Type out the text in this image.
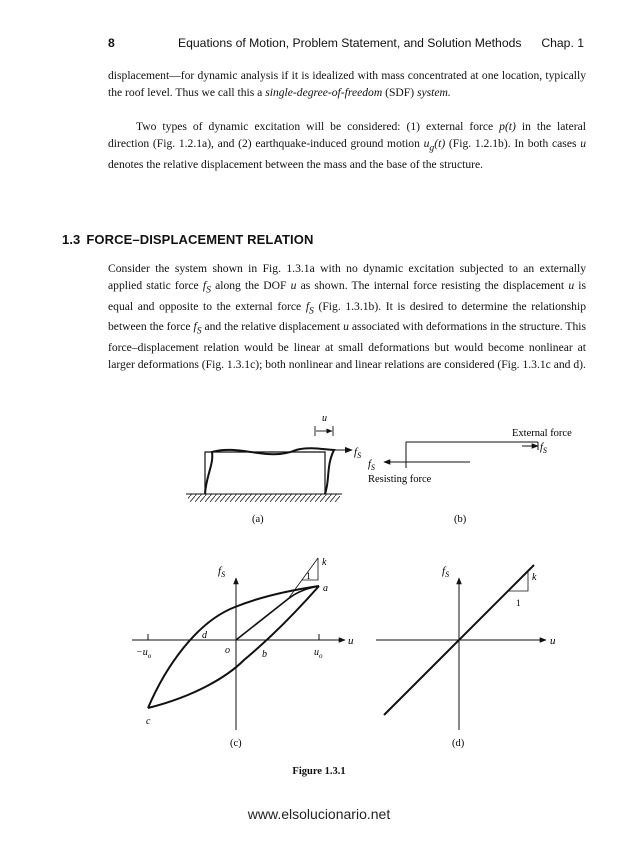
8	Equations of Motion, Problem Statement, and Solution Methods Chap. 1

displacement—for dynamic analysis if it is idealized with mass concentrated at one location, typically the roof level. Thus we call this a single-degree-of-freedom (SDF) system.

Two types of dynamic excitation will be considered: (1) external force p(t) in the lateral direction (Fig. 1.2.1a), and (2) earthquake-induced ground motion $u_g(t)$ (Fig. 1.2.1b). In both cases u denotes the relative displacement between the mass and the base of the structure.

1.3 FORCE–DISPLACEMENT RELATION

Consider the system shown in Fig. 1.3.1a with no dynamic excitation subjected to an externally applied static force $f_S$ along the DOF u as shown. The internal force resisting the displacement u is equal and opposite to the external force $f_S$ (Fig. 1.3.1b). It is desired to determine the relationship between the force $f_S$ and the relative displacement u associated with deformations in the structure. This force–displacement relation would be linear at small deformations but would become nonlinear at larger deformations (Fig. 1.3.1c); both nonlinear and linear relations are considered (Fig. 1.3.1c and d).

u
$f_S$
(a)
External force
$f_S$
$f_S$
Resisting force
(b)
$f_S$
u
$-u_o$	$u_o$
k
1
a
b
c
d
o
(c)
$f_S$
u
k
1
(d)
Figure 1.3.1
www.elsolucionario.net
